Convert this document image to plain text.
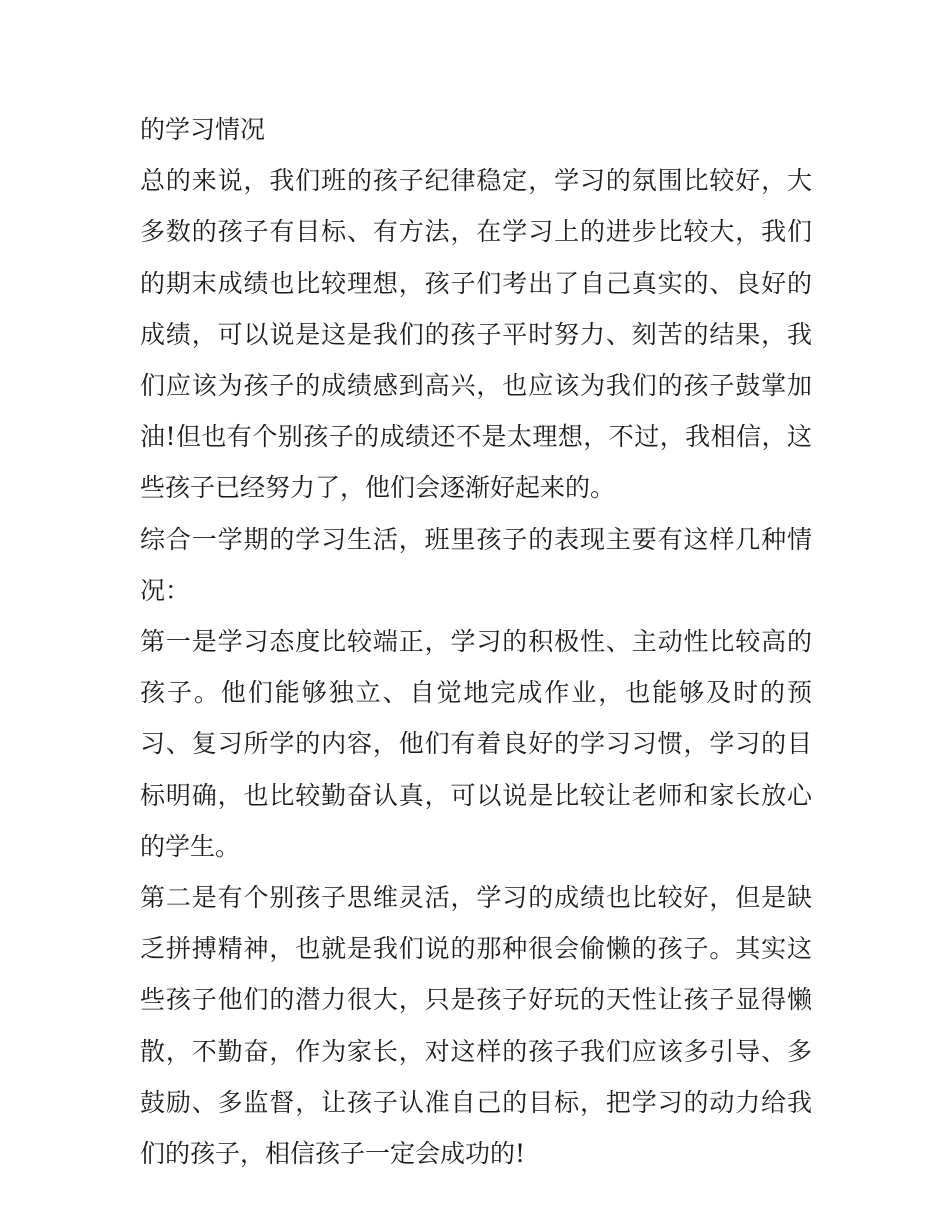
的学习情况

总的来说，我们班的孩子纪律稳定，学习的氛围比较好，大多数的孩子有目标、有方法，在学习上的进步比较大，我们的期末成绩也比较理想，孩子们考出了自己真实的、良好的成绩，可以说是这是我们的孩子平时努力、刻苦的结果，我们应该为孩子的成绩感到高兴，也应该为我们的孩子鼓掌加油!但也有个别孩子的成绩还不是太理想，不过，我相信，这些孩子已经努力了，他们会逐渐好起来的。

综合一学期的学习生活，班里孩子的表现主要有这样几种情况：

第一是学习态度比较端正，学习的积极性、主动性比较高的孩子。他们能够独立、自觉地完成作业，也能够及时的预习、复习所学的内容，他们有着良好的学习习惯，学习的目标明确，也比较勤奋认真，可以说是比较让老师和家长放心的学生。

第二是有个别孩子思维灵活，学习的成绩也比较好，但是缺乏拼搏精神，也就是我们说的那种很会偷懒的孩子。其实这些孩子他们的潜力很大，只是孩子好玩的天性让孩子显得懒散，不勤奋，作为家长，对这样的孩子我们应该多引导、多鼓励、多监督，让孩子认准自己的目标，把学习的动力给我们的孩子，相信孩子一定会成功的!
